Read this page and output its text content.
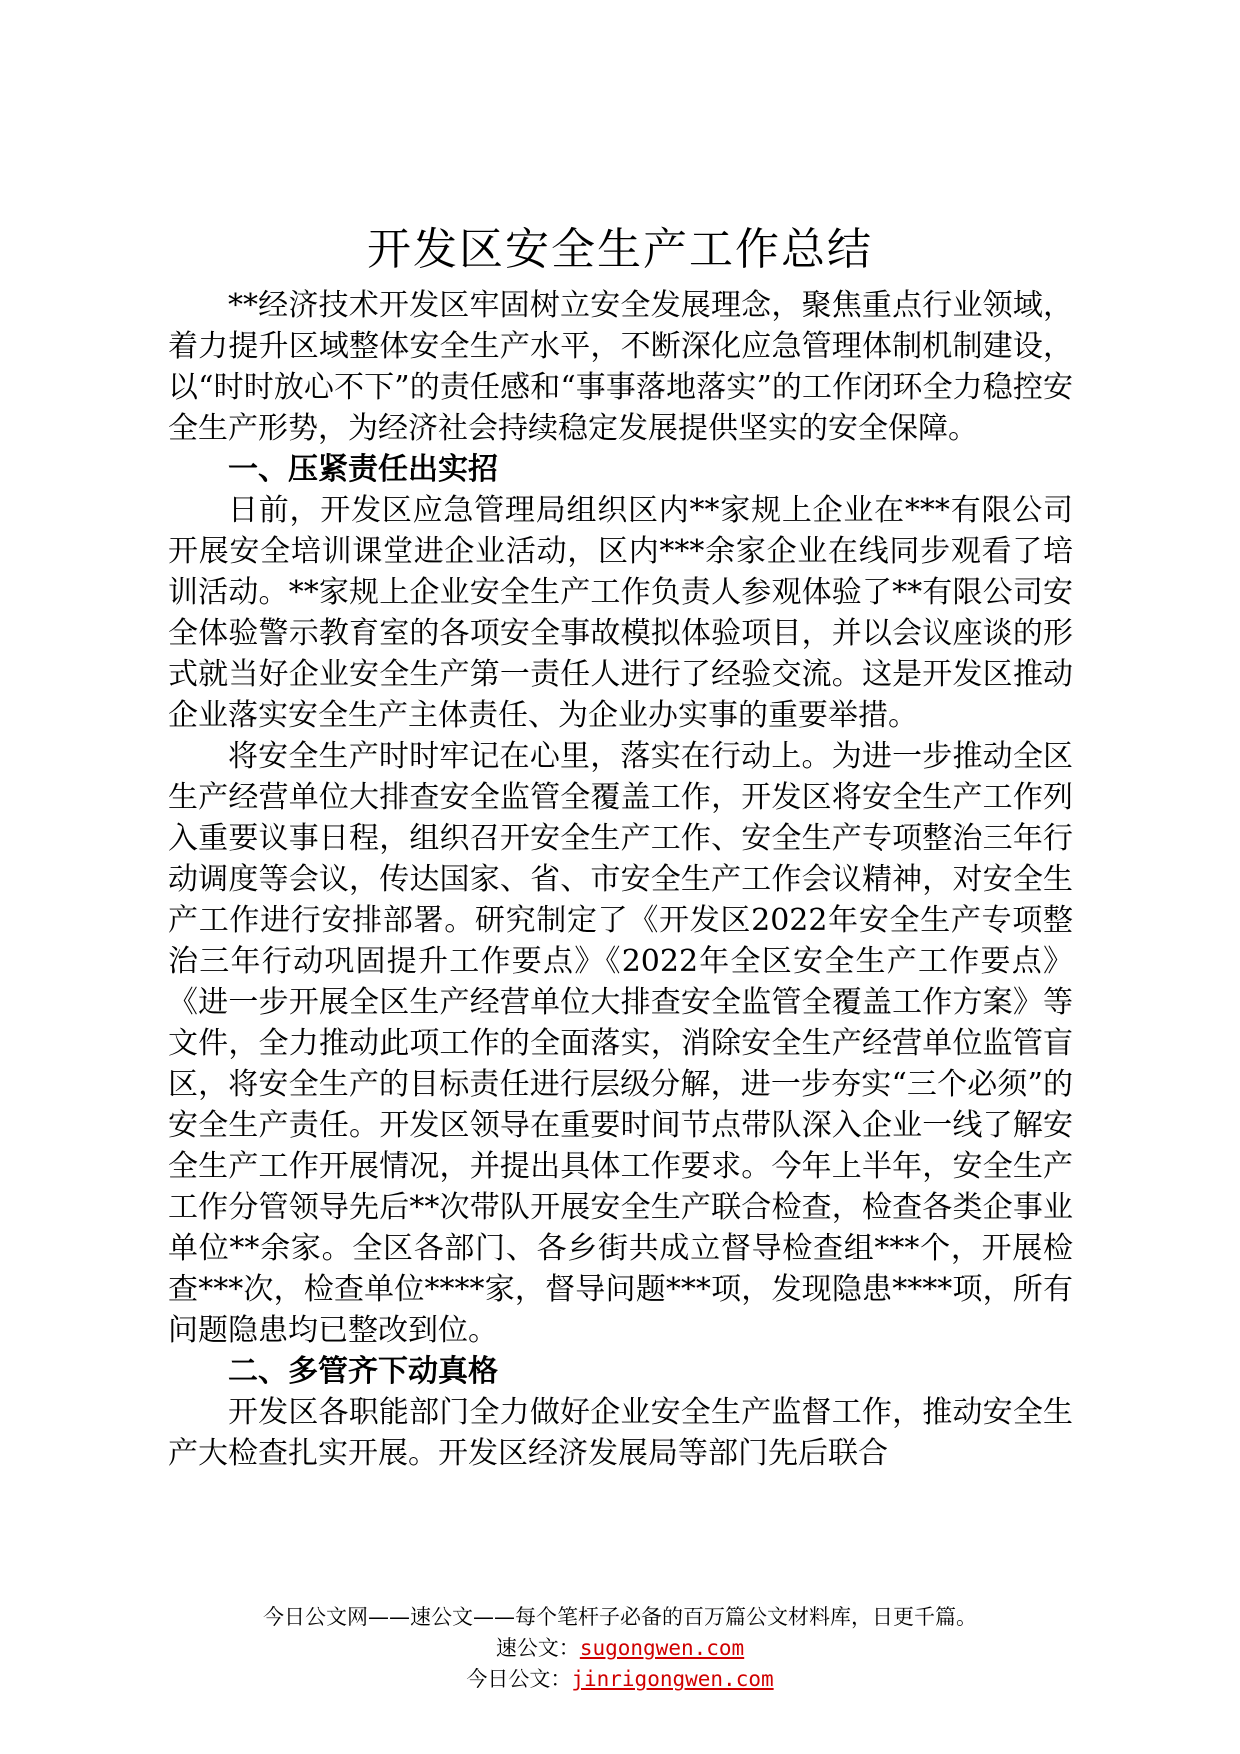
开发区安全生产工作总结

**经济技术开发区牢固树立安全发展理念，聚焦重点行业领域，着力提升区域整体安全生产水平，不断深化应急管理体制机制建设，以“时时放心不下”的责任感和“事事落地落实”的工作闭环全力稳控安全生产形势，为经济社会持续稳定发展提供坚实的安全保障。

一、压紧责任出实招

日前，开发区应急管理局组织区内**家规上企业在***有限公司开展安全培训课堂进企业活动，区内***余家企业在线同步观看了培训活动。**家规上企业安全生产工作负责人参观体验了**有限公司安全体验警示教育室的各项安全事故模拟体验项目，并以会议座谈的形式就当好企业安全生产第一责任人进行了经验交流。这是开发区推动企业落实安全生产主体责任、为企业办实事的重要举措。

将安全生产时时牢记在心里，落实在行动上。为进一步推动全区生产经营单位大排查安全监管全覆盖工作，开发区将安全生产工作列入重要议事日程，组织召开安全生产工作、安全生产专项整治三年行动调度等会议，传达国家、省、市安全生产工作会议精神，对安全生产工作进行安排部署。研究制定了《开发区2022年安全生产专项整治三年行动巩固提升工作要点》《2022年全区安全生产工作要点》《进一步开展全区生产经营单位大排查安全监管全覆盖工作方案》等文件，全力推动此项工作的全面落实，消除安全生产经营单位监管盲区，将安全生产的目标责任进行层级分解，进一步夯实“三个必须”的安全生产责任。开发区领导在重要时间节点带队深入企业一线了解安全生产工作开展情况，并提出具体工作要求。今年上半年，安全生产工作分管领导先后**次带队开展安全生产联合检查，检查各类企事业单位**余家。全区各部门、各乡街共成立督导检查组***个，开展检查***次，检查单位****家，督导问题***项，发现隐患****项，所有问题隐患均已整改到位。

二、多管齐下动真格

开发区各职能部门全力做好企业安全生产监督工作，推动安全生产大检查扎实开展。开发区经济发展局等部门先后联合

今日公文网——速公文——每个笔杆子必备的百万篇公文材料库，日更千篇。

速公文：sugongwen.com

今日公文：jinrigongwen.com
